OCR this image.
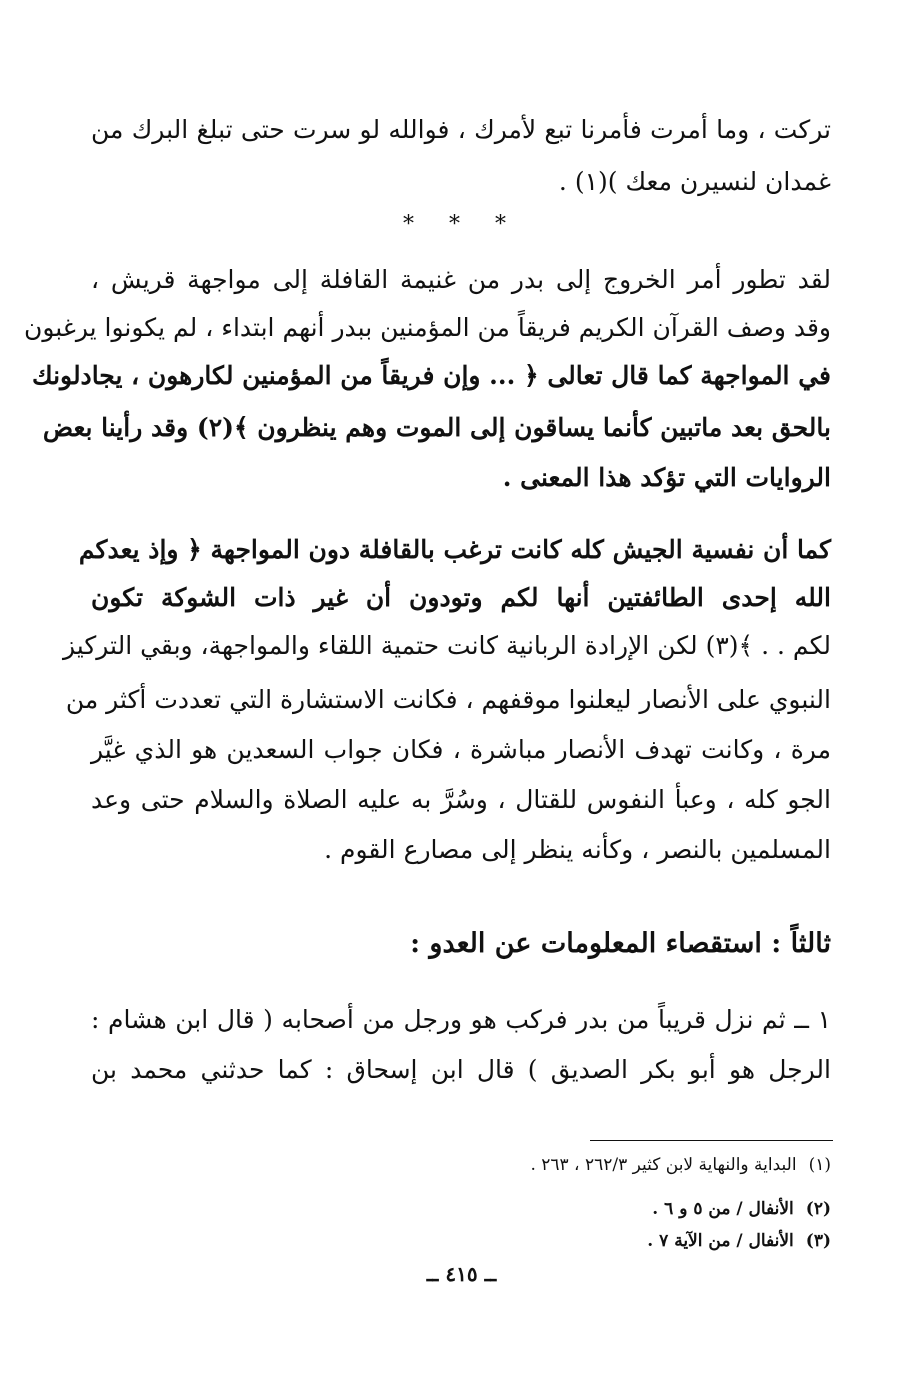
تركت ، وما أمرت فأمرنا تبع لأمرك ، فوالله لو سرت حتى تبلغ البرك من
غمدان لنسيرن معك )(١) .
* * *
لقد تطور أمر الخروج إلى بدر من غنيمة القافلة إلى مواجهة قريش ،
وقد وصف القرآن الكريم فريقاً من المؤمنين ببدر أنهم ابتداء ، لم يكونوا يرغبون
في المواجهة كما قال تعالى ﴿ ... وإن فريقاً من المؤمنين لكارهون ، يجادلونك
بالحق بعد ماتبين كأنما يساقون إلى الموت وهم ينظرون ﴾(٢) وقد رأينا بعض
الروايات التي تؤكد هذا المعنى .
كما أن نفسية الجيش كله كانت ترغب بالقافلة دون المواجهة ﴿ وإذ يعدكم
الله إحدى الطائفتين أنها لكم وتودون أن غير ذات الشوكة تكون
لكم . . ﴾(٣) لكن الإرادة الربانية كانت حتمية اللقاء والمواجهة، وبقي التركيز
النبوي على الأنصار ليعلنوا موقفهم ، فكانت الاستشارة التي تعددت أكثر من
مرة ، وكانت تهدف الأنصار مباشرة ، فكان جواب السعدين هو الذي غيَّر
الجو كله ، وعبأ النفوس للقتال ، وسُرَّ به عليه الصلاة والسلام حتى وعد
المسلمين بالنصر ، وكأنه ينظر إلى مصارع القوم .
ثالثاً : استقصاء المعلومات عن العدو :
١ ــ ثم نزل قريباً من بدر فركب هو ورجل من أصحابه ( قال ابن هشام :
الرجل هو أبو بكر الصديق ) قال ابن إسحاق : كما حدثني محمد بن
(١)البداية والنهاية لابن كثير ٢٦٢/٣ ، ٢٦٣ .
(٢)الأنفال / من ٥ و ٦ .
(٣)الأنفال / من الآية ٧ .
ــ ٤١٥ ــ
